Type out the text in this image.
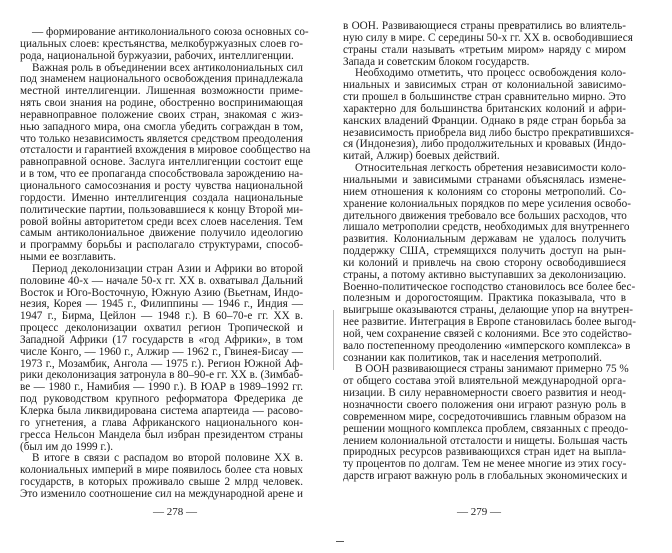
— формирование антиколониального союза основных со-
циальных слоев: крестьянства, мелкобуржуазных слоев го-
рода, национальной буржуазии, рабочих, интеллигенции.
Важная роль в объединении всех антиколониальных сил
под знаменем национального освобождения принадлежала
местной интеллигенции. Лишенная возможности приме-
нять свои знания на родине, обостренно воспринимающая
неравноправное положение своих стран, знакомая с жиз-
нью западного мира, она смогла убедить сограждан в том,
что только независимость является средством преодоления
отсталости и гарантией вхождения в мировое сообщество на
равноправной основе. Заслуга интеллигенции состоит еще
и в том, что ее пропаганда способствовала зарождению на-
ционального самосознания и росту чувства национальной
гордости. Именно интеллигенция создала национальные
политические партии, пользовавшиеся к концу Второй ми-
ровой войны авторитетом среди всех слоев населения. Тем
самым антиколониальное движение получило идеологию
и программу борьбы и располагало структурами, способ-
ными ее возглавить.
Период деколонизации стран Азии и Африки во второй
половине 40-х — начале 50-х гг. XX в. охватывал Дальний
Восток и Юго-Восточную, Южную Азию (Вьетнам, Индо-
незия, Корея — 1945 г., Филиппины — 1946 г., Индия —
1947 г., Бирма, Цейлон — 1948 г.). В 60–70-е гг. XX в.
процесс деколонизации охватил регион Тропической и
Западной Африки (17 государств в «год Африки», в том
числе Конго, — 1960 г., Алжир — 1962 г., Гвинея-Бисау —
1973 г., Мозамбик, Ангола — 1975 г.). Регион Южной Аф-
рики деколонизация затронула в 80–90-е гг. XX в. (Зимбаб-
ве — 1980 г., Намибия — 1990 г.). В ЮАР в 1989–1992 гг.
под руководством крупного реформатора Фредерика де
Клерка была ликвидирована система апартеида — расово-
го угнетения, а глава Африканского национального кон-
гресса Нельсон Мандела был избран президентом страны
(был им до 1999 г.).
В итоге в связи с распадом во второй половине XX в.
колониальных империй в мире появилось более ста новых
государств, в которых проживало свыше 2 млрд человек.
Это изменило соотношение сил на международной арене и
— 278 —
в ООН. Развивающиеся страны превратились во влиятель-
ную силу в мире. С середины 50-х гг. XX в. освободившиеся
страны стали называть «третьим миром» наряду с миром
Запада и советским блоком государств.
Необходимо отметить, что процесс освобождения коло-
ниальных и зависимых стран от колониальной зависимо-
сти прошел в большинстве стран сравнительно мирно. Это
характерно для большинства британских колоний и афри-
канских владений Франции. Однако в ряде стран борьба за
независимость приобрела вид либо быстро прекратившихся-
ся (Индонезия), либо продолжительных и кровавых (Индо-
китай, Алжир) боевых действий.
Относительная легкость обретения независимости коло-
ниальными и зависимыми странами объяснялась измене-
нием отношения к колониям со стороны метрополий. Со-
хранение колониальных порядков по мере усиления освобо-
дительного движения требовало все больших расходов, что
лишало метрополии средств, необходимых для внутреннего
развития. Колониальным державам не удалось получить
поддержку США, стремящихся получить доступ на рын-
ки колоний и привлечь на свою сторону освободившиеся
страны, а потому активно выступавших за деколонизацию.
Военно-политическое господство становилось все более бес-
полезным и дорогостоящим. Практика показывала, что в
выигрыше оказываются страны, делающие упор на внутрен-
нее развитие. Интеграция в Европе становилась более выгод-
ной, чем сохранение связей с колониями. Все это содейство-
вало постепенному преодолению «имперского комплекса» в
сознании как политиков, так и населения метрополий.
В ООН развивающиеся страны занимают примерно 75 %
от общего состава этой влиятельной международной орга-
низации. В силу неравномерности своего развития и неод-
нозначности своего положения они играют разную роль в
современном мире, сосредоточившись главным образом на
решении мощного комплекса проблем, связанных с преодо-
лением колониальной отсталости и нищеты. Большая часть
природных ресурсов развивающихся стран идет на выпла-
ту процентов по долгам. Тем не менее многие из этих госу-
дарств играют важную роль в глобальных экономических и
— 279 —
